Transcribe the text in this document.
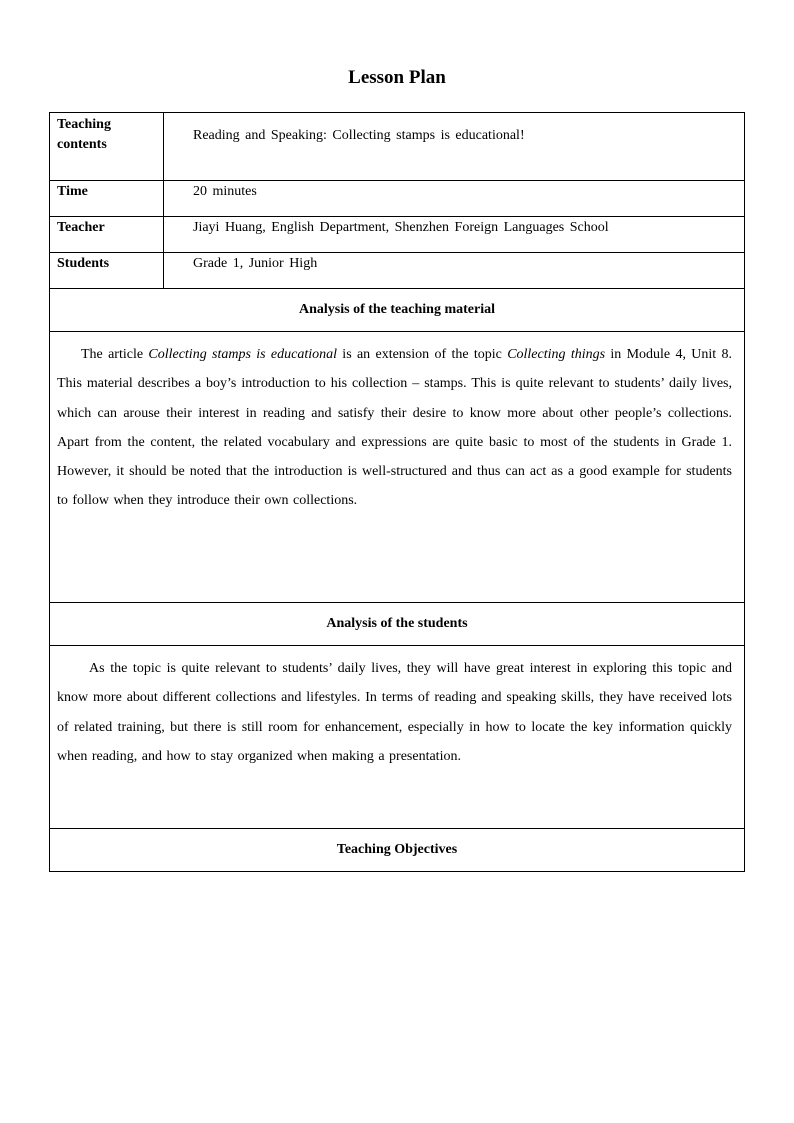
Lesson Plan
Teaching contents	Reading and Speaking: Collecting stamps is educational!
Time	20 minutes
Teacher	Jiayi Huang, English Department, Shenzhen Foreign Languages School
Students	Grade 1, Junior High
Analysis of the teaching material	
The article Collecting stamps is educational is an extension of the topic Collecting things in Module 4, Unit 8. This material describes a boy’s introduction to his collection – stamps. This is quite relevant to students’ daily lives, which can arouse their interest in reading and satisfy their desire to know more about other people’s collections. Apart from the content, the related vocabulary and expressions are quite basic to most of the students in Grade 1. However, it should be noted that the introduction is well-structured and thus can act as a good example for students to follow when they introduce their own collections.	
Analysis of the students	
As the topic is quite relevant to students’ daily lives, they will have great interest in exploring this topic and know more about different collections and lifestyles. In terms of reading and speaking skills, they have received lots of related training, but there is still room for enhancement, especially in how to locate the key information quickly when reading, and how to stay organized when making a presentation.	
Teaching Objectives	
